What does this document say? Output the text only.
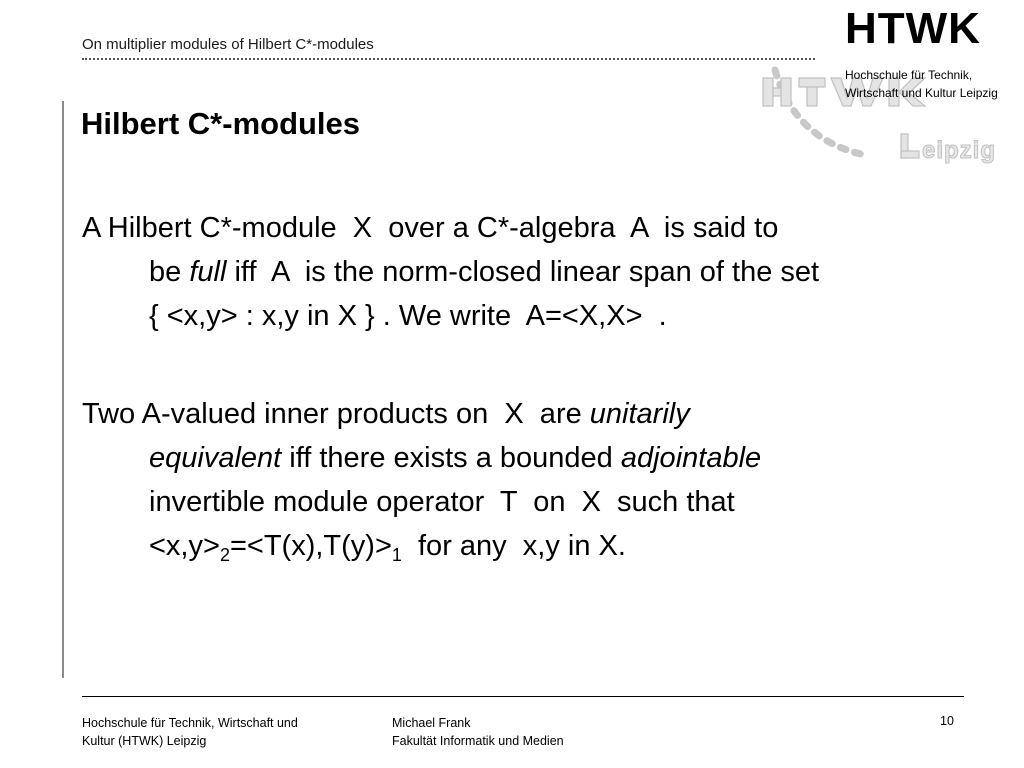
On multiplier modules of Hilbert C*-modules
eipzig
HTWK
Hochschule für Technik,
Wirtschaft und Kultur Leipzig
Hilbert C*-modules
A Hilbert C*-module  X  over a C*-algebra  A  is said to
be full iff  A  is the norm-closed linear span of the set
{ <x,y> : x,y in X } . We write  A=<X,X>  .
Two A-valued inner products on  X  are unitarily
equivalent iff there exists a bounded adjointable
invertible module operator  T  on  X  such that
$<x,y>_2=<T(x),T(y)>_1$  for any  x,y in X.
Hochschule für Technik, Wirtschaft und
Kultur (HTWK) Leipzig
Michael Frank
Fakultät Informatik und Medien
10
